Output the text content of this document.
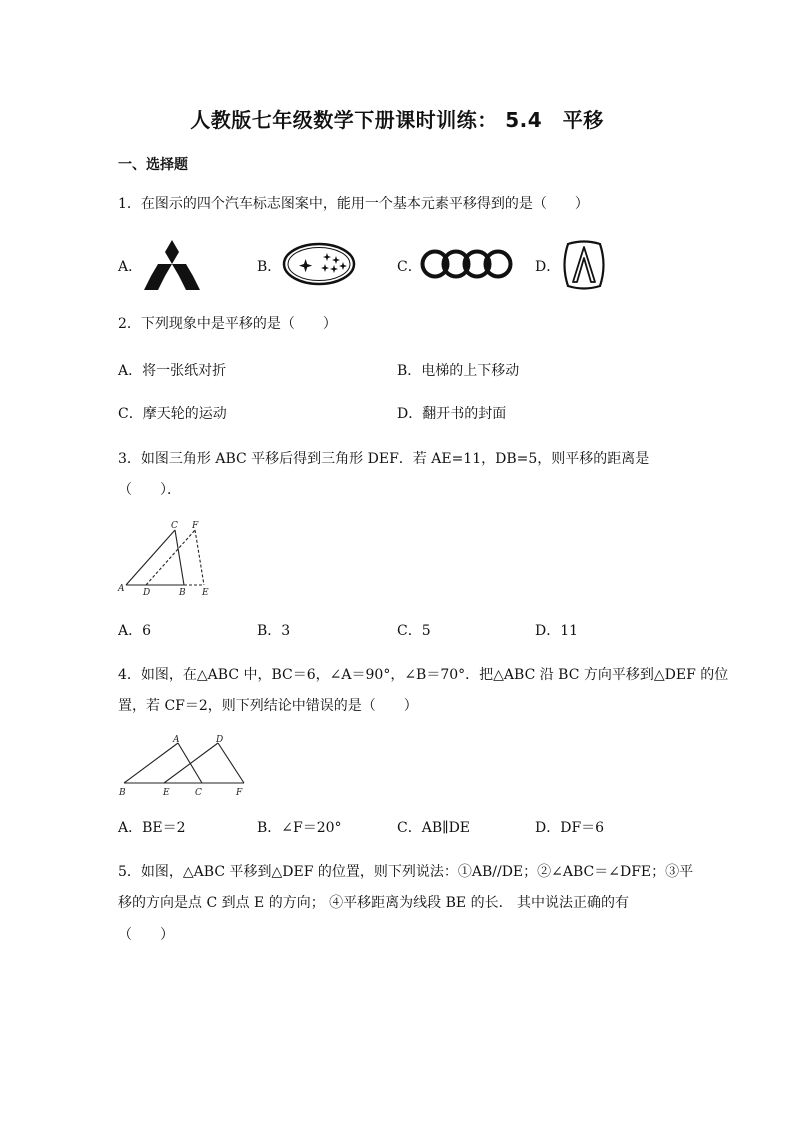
人教版七年级数学下册课时训练： 5.4　平移
一、选择题
1．在图示的四个汽车标志图案中，能用一个基本元素平移得到的是（　　）
A．	B．	C．	D．
2．下列现象中是平移的是（　　）
A．将一张纸对折	B．电梯的上下移动
C．摩天轮的运动	D．翻开书的封面
3．如图三角形 ABC 平移后得到三角形 DEF．若 AE=11，DB=5，则平移的距离是
（　　）．
A D	B E
C F
A．6	B．3	C．5	D．11
4．如图，在△ABC 中，BC＝6，∠A＝90°，∠B＝70°．把△ABC 沿 BC 方向平移到△DEF 的位
置，若 CF＝2，则下列结论中错误的是（　　）
A	D
B	E	C	F
A．BE＝2	B．∠F＝20°	C．AB∥DE	D．DF＝6
5．如图，△ABC 平移到△DEF 的位置，则下列说法：①AB//DE；②∠ABC＝∠DFE；③平
移的方向是点 C 到点 E 的方向； ④平移距离为线段 BE 的长． 其中说法正确的有
（　　）
